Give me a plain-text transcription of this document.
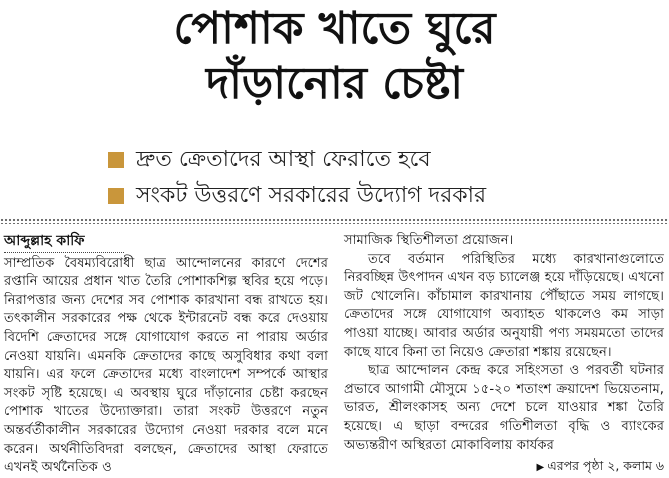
পোশাক খাতে ঘুরে
দাঁড়ানোর চেষ্টা
দ্রুত ক্রেতাদের আস্থা ফেরাতে হবে
সংকট উত্তরণে সরকারের উদ্যোগ দরকার
আব্দুল্লাহ কাফি

সাম্প্রতিক বৈষম্যবিরোধী ছাত্র আন্দোলনের কারণে দেশের রপ্তানি আয়ের প্রধান খাত তৈরি পোশাকশিল্প স্থবির হয়ে পড়ে। নিরাপত্তার জন্য দেশের সব পোশাক কারখানা বন্ধ রাখতে হয়। তৎকালীন সরকারের পক্ষ থেকে ইন্টারনেট বন্ধ করে দেওয়ায় বিদেশি ক্রেতাদের সঙ্গে যোগাযোগ করতে না পারায় অর্ডার নেওয়া যায়নি। এমনকি ক্রেতাদের কাছে অসুবিধার কথা বলা যায়নি। এর ফলে ক্রেতাদের মধ্যে বাংলাদেশ সম্পর্কে আস্থার সংকট সৃষ্টি হয়েছে। এ অবস্থায় ঘুরে দাঁড়ানোর চেষ্টা করছেন পোশাক খাতের উদ্যোক্তারা। তারা সংকট উত্তরণে নতুন অন্তর্বর্তীকালীন সরকারের উদ্যোগ নেওয়া দরকার বলে মনে করেন। অর্থনীতিবিদরা বলছেন, ক্রেতাদের আস্থা ফেরাতে এখনই অর্থনৈতিক ও

সামাজিক স্থিতিশীলতা প্রয়োজন।

তবে বর্তমান পরিস্থিতির মধ্যে কারখানাগুলোতে নিরবচ্ছিন্ন উৎপাদন এখন বড় চ্যালেঞ্জ হয়ে দাঁড়িয়েছে। এখনো জট খোলেনি। কাঁচামাল কারখানায় পৌঁছাতে সময় লাগছে। ক্রেতাদের সঙ্গে যোগাযোগ অব্যাহত থাকলেও কম সাড়া পাওয়া যাচ্ছে। আবার অর্ডার অনুযায়ী পণ্য সময়মতো তাদের কাছে যাবে কিনা তা নিয়েও ক্রেতারা শঙ্কায় রয়েছেন।

ছাত্র আন্দোলন কেন্দ্র করে সহিংসতা ও পরবর্তী ঘটনার প্রভাবে আগামী মৌসুমে ১৫-২০ শতাংশ ক্রয়াদেশ ভিয়েতনাম, ভারত, শ্রীলংকাসহ অন্য দেশে চলে যাওয়ার শঙ্কা তৈরি হয়েছে। এ ছাড়া বন্দরের গতিশীলতা বৃদ্ধি ও ব্যাংকের অভ্যন্তরীণ অস্থিরতা মোকাবিলায় কার্যকর

▶ এরপর পৃষ্ঠা ২, কলাম ৬
